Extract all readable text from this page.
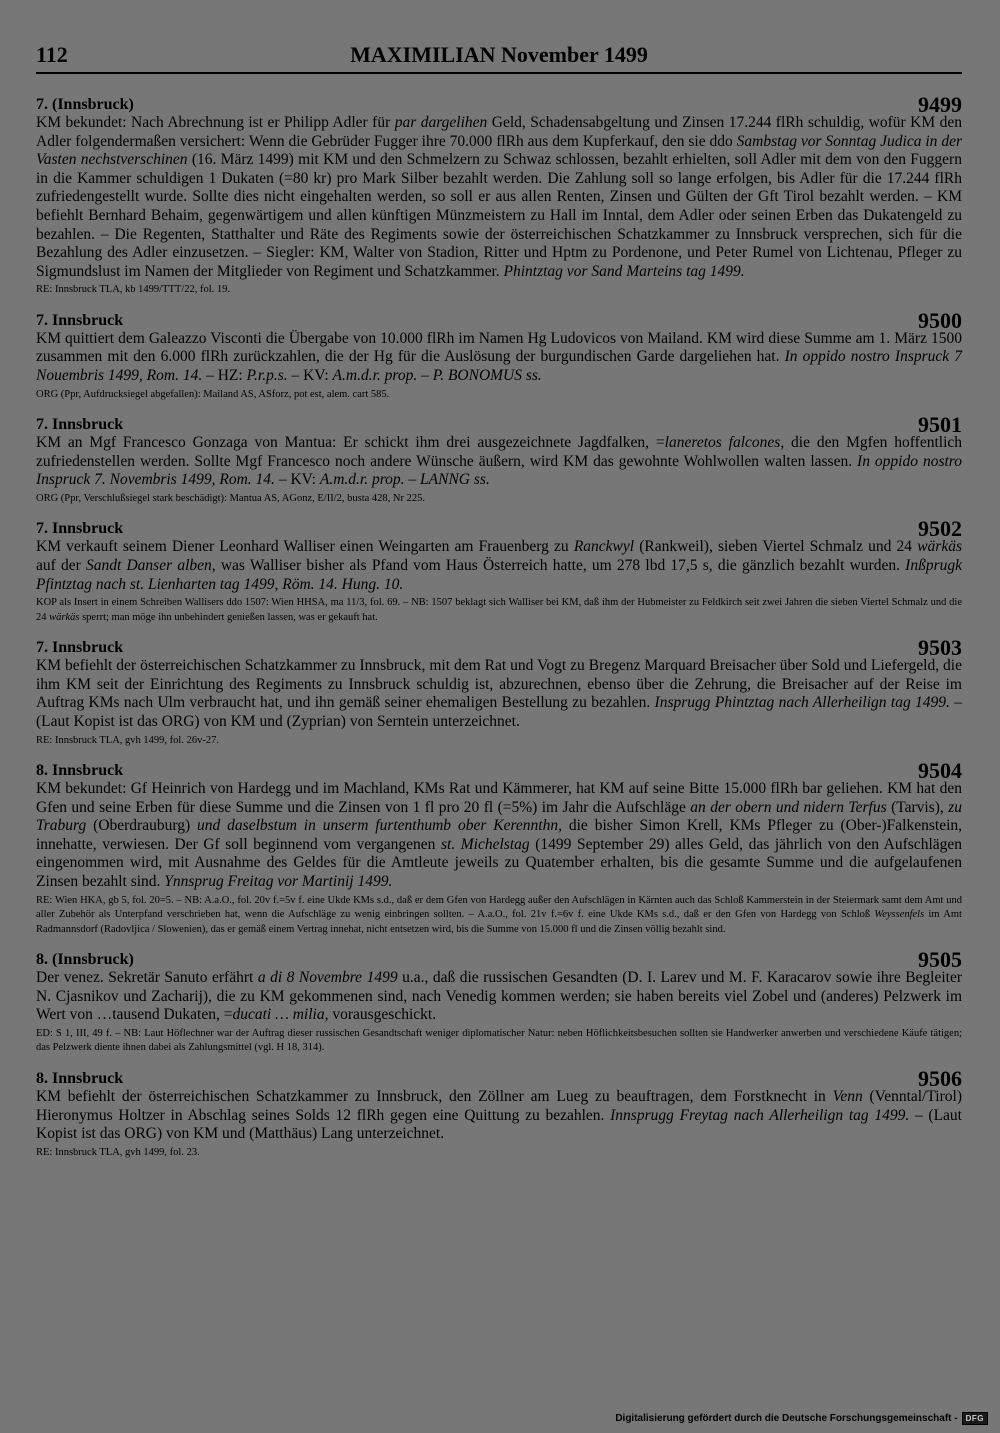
112	MAXIMILIAN November 1499
7. (Innsbruck)	9499

KM bekundet: Nach Abrechnung ist er Philipp Adler für par dargelihen Geld, Schadensabgeltung und Zinsen 17.244 flRh schuldig, wofür KM den Adler folgendermaßen versichert: Wenn die Gebrüder Fugger ihre 70.000 flRh aus dem Kupferkauf, den sie ddo Sambstag vor Sonntag Judica in der Vasten nechstverschinen (16. März 1499) mit KM und den Schmelzern zu Schwaz schlossen, bezahlt erhielten, soll Adler mit dem von den Fuggern in die Kammer schuldigen 1 Dukaten (=80 kr) pro Mark Silber bezahlt werden. Die Zahlung soll so lange erfolgen, bis Adler für die 17.244 flRh zufriedengestellt wurde. Sollte dies nicht eingehalten werden, so soll er aus allen Renten, Zinsen und Gülten der Gft Tirol bezahlt werden. – KM befiehlt Bernhard Behaim, gegenwärtigem und allen künftigen Münzmeistern zu Hall im Inntal, dem Adler oder seinen Erben das Dukatengeld zu bezahlen. – Die Regenten, Statthalter und Räte des Regiments sowie der österreichischen Schatzkammer zu Innsbruck versprechen, sich für die Bezahlung des Adler einzusetzen. – Siegler: KM, Walter von Stadion, Ritter und Hptm zu Pordenone, und Peter Rumel von Lichtenau, Pfleger zu Sigmundslust im Namen der Mitglieder von Regiment und Schatzkammer. Phintztag vor Sand Marteins tag 1499.

RE: Innsbruck TLA, kb 1499/TTT/22, fol. 19.
7. Innsbruck	9500

KM quittiert dem Galeazzo Visconti die Übergabe von 10.000 flRh im Namen Hg Ludovicos von Mailand. KM wird diese Summe am 1. März 1500 zusammen mit den 6.000 flRh zurückzahlen, die der Hg für die Auslösung der burgundischen Garde dargeliehen hat. In oppido nostro Inspruck 7 Nouembris 1499, Rom. 14. – HZ: P.r.p.s. – KV: A.m.d.r. prop. – P. BONOMUS ss.

ORG (Ppr, Aufdrucksiegel abgefallen): Mailand AS, ASforz, pot est, alem. cart 585.
7. Innsbruck	9501

KM an Mgf Francesco Gonzaga von Mantua: Er schickt ihm drei ausgezeichnete Jagdfalken, =laneretos falcones, die den Mgfen hoffentlich zufriedenstellen werden. Sollte Mgf Francesco noch andere Wünsche äußern, wird KM das gewohnte Wohlwollen walten lassen. In oppido nostro Inspruck 7. Novembris 1499, Rom. 14. – KV: A.m.d.r. prop. – LANNG ss.

ORG (Ppr, Verschlußsiegel stark beschädigt): Mantua AS, AGonz, E/II/2, busta 428, Nr 225.
7. Innsbruck	9502

KM verkauft seinem Diener Leonhard Walliser einen Weingarten am Frauenberg zu Ranckwyl (Rankweil), sieben Viertel Schmalz und 24 wärkäs auf der Sandt Danser alben, was Walliser bisher als Pfand vom Haus Österreich hatte, um 278 lbd 17,5 s, die gänzlich bezahlt wurden. Inßprugk Pfintztag nach st. Lienharten tag 1499, Röm. 14. Hung. 10.

KOP als Insert in einem Schreiben Wallisers ddo 1507: Wien HHSA, ma 11/3, fol. 69. – NB: 1507 beklagt sich Walliser bei KM, daß ihm der Hubmeister zu Feldkirch seit zwei Jahren die sieben Viertel Schmalz und die 24 wärkäs sperrt; man möge ihn unbehindert genießen lassen, was er gekauft hat.
7. Innsbruck	9503

KM befiehlt der österreichischen Schatzkammer zu Innsbruck, mit dem Rat und Vogt zu Bregenz Marquard Breisacher über Sold und Liefergeld, die ihm KM seit der Einrichtung des Regiments zu Innsbruck schuldig ist, abzurechnen, ebenso über die Zehrung, die Breisacher auf der Reise im Auftrag KMs nach Ulm verbraucht hat, und ihn gemäß seiner ehemaligen Bestellung zu bezahlen. Insprugg Phintztag nach Allerheilign tag 1499. – (Laut Kopist ist das ORG) von KM und (Zyprian) von Serntein unterzeichnet.

RE: Innsbruck TLA, gvh 1499, fol. 26v-27.
8. Innsbruck	9504

KM bekundet: Gf Heinrich von Hardegg und im Machland, KMs Rat und Kämmerer, hat KM auf seine Bitte 15.000 flRh bar geliehen. KM hat den Gfen und seine Erben für diese Summe und die Zinsen von 1 fl pro 20 fl (=5%) im Jahr die Aufschläge an der obern und nidern Terfus (Tarvis), zu Traburg (Oberdrauburg) und daselbstum in unserm furtenthumb ober Kerennthn, die bisher Simon Krell, KMs Pfleger zu (Ober-)Falkenstein, innehatte, verwiesen. Der Gf soll beginnend vom vergangenen st. Michelstag (1499 September 29) alles Geld, das jährlich von den Aufschlägen eingenommen wird, mit Ausnahme des Geldes für die Amtleute jeweils zu Quatember erhalten, bis die gesamte Summe und die aufgelaufenen Zinsen bezahlt sind. Ynnsprug Freitag vor Martinij 1499.

RE: Wien HKA, gb 5, fol. 20=5. – NB: A.a.O., fol. 20v f.=5v f. eine Ukde KMs s.d., daß er dem Gfen von Hardegg außer den Aufschlägen in Kärnten auch das Schloß Kammerstein in der Steiermark samt dem Amt und aller Zubehör als Unterpfand verschrieben hat, wenn die Aufschläge zu wenig einbringen sollten. – A.a.O., fol. 21v f.=6v f. eine Ukde KMs s.d., daß er den Gfen von Hardegg von Schloß Weyssenfels im Amt Radmannsdorf (Radovljica / Slowenien), das er gemäß einem Vertrag innehat, nicht entsetzen wird, bis die Summe von 15.000 fl und die Zinsen völlig bezahlt sind.
8. (Innsbruck)	9505

Der venez. Sekretär Sanuto erfährt a di 8 Novembre 1499 u.a., daß die russischen Gesandten (D. I. Larev und M. F. Karacarov sowie ihre Begleiter N. Cjasnikov und Zacharij), die zu KM gekommenen sind, nach Venedig kommen werden; sie haben bereits viel Zobel und (anderes) Pelzwerk im Wert von …tausend Dukaten, =ducati … milia, vorausgeschickt.

ED: S 1, III, 49 f. – NB: Laut Höflechner war der Auftrag dieser russischen Gesandtschaft weniger diplomatischer Natur: neben Höflichkeitsbesuchen sollten sie Handwerker anwerben und verschiedene Käufe tätigen; das Pelzwerk diente ihnen dabei als Zahlungsmittel (vgl. H 18, 314).
8. Innsbruck	9506

KM befiehlt der österreichischen Schatzkammer zu Innsbruck, den Zöllner am Lueg zu beauftragen, dem Forstknecht in Venn (Venntal/Tirol) Hieronymus Holtzer in Abschlag seines Solds 12 flRh gegen eine Quittung zu bezahlen. Innsprugg Freytag nach Allerheilign tag 1499. – (Laut Kopist ist das ORG) von KM und (Matthäus) Lang unterzeichnet.

RE: Innsbruck TLA, gvh 1499, fol. 23.
Digitalisierung gefördert durch die Deutsche Forschungsgemeinschaft -	DFG
